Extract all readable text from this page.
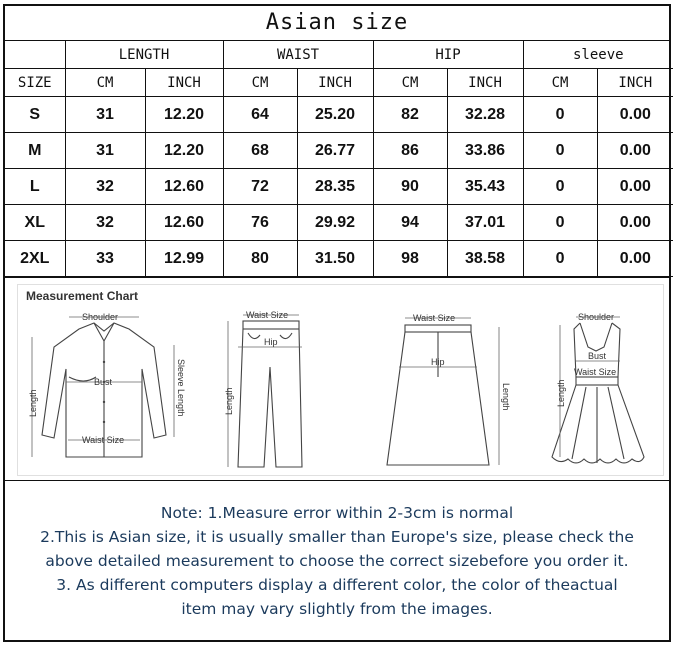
Asian size
	LENGTH		WAIST		HIP		sleeve	
SIZE	CM	INCH	CM	INCH	CM	INCH	CM	INCH
S	31	12.20	64	25.20	82	32.28	0	0.00
M	31	12.20	68	26.77	86	33.86	0	0.00
L	32	12.60	72	28.35	90	35.43	0	0.00
XL	32	12.60	76	29.92	94	37.01	0	0.00
2XL	33	12.99	80	31.50	98	38.58	0	0.00
Measurement Chart
Shoulder
Bust
Waist Size
Length	Sleeve Length
Waist Size
Hip
Length
Waist Size
Hip
Length
Shoulder
Bust
Waist Size
Length
Note: 1.Measure error within 2-3cm is normal
2.This is Asian size, it is usually smaller than Europe's size, please check the
above detailed measurement to choose the correct sizebefore you order it.
3. As different computers display a different color, the color of theactual
item may vary slightly from the images.
